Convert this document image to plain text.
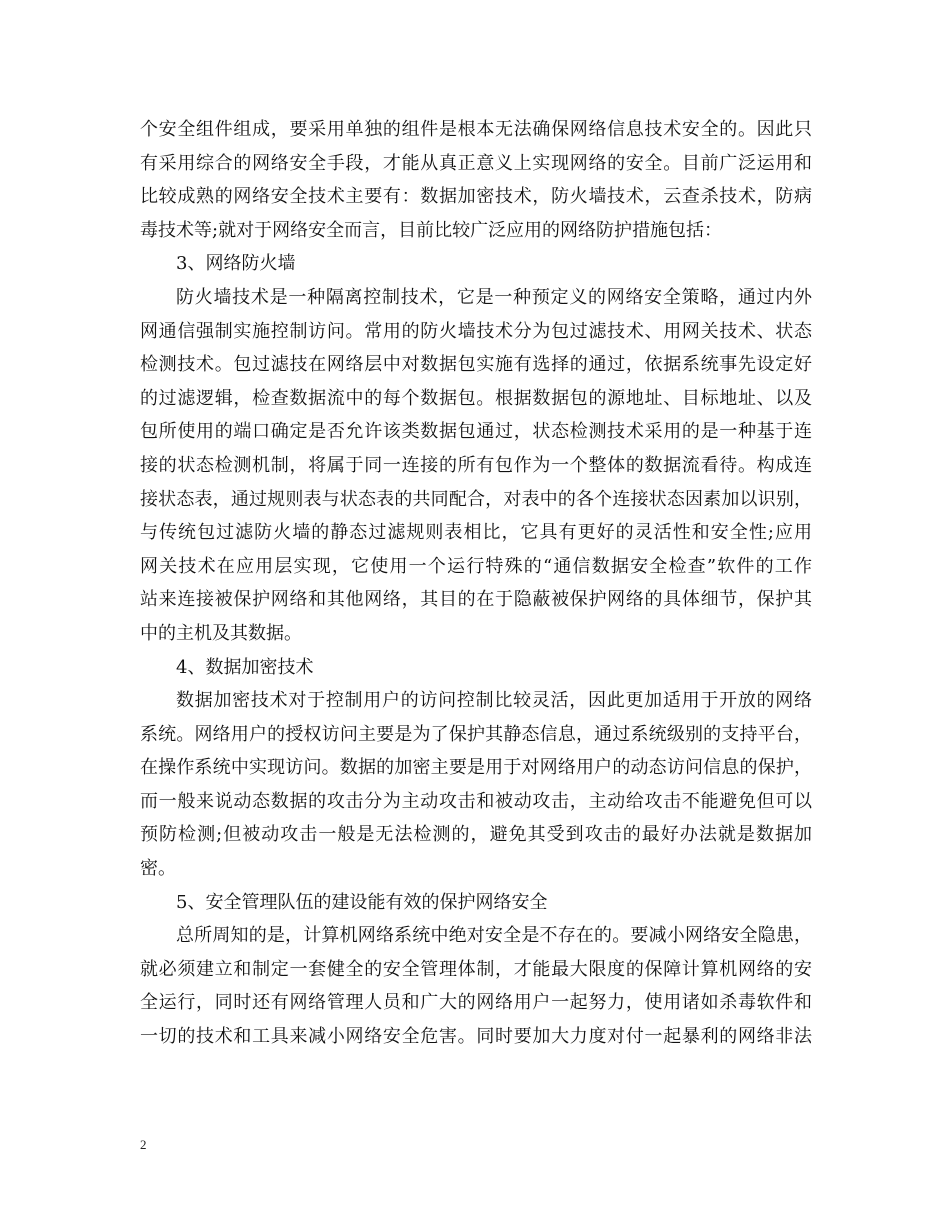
个安全组件组成，要采用单独的组件是根本无法确保网络信息技术安全的。因此只
有采用综合的网络安全手段，才能从真正意义上实现网络的安全。目前广泛运用和
比较成熟的网络安全技术主要有：数据加密技术，防火墙技术，云查杀技术，防病
毒技术等;就对于网络安全而言，目前比较广泛应用的网络防护措施包括：
3、网络防火墙
防火墙技术是一种隔离控制技术，它是一种预定义的网络安全策略，通过内外
网通信强制实施控制访问。常用的防火墙技术分为包过滤技术、用网关技术、状态
检测技术。包过滤技在网络层中对数据包实施有选择的通过，依据系统事先设定好
的过滤逻辑，检查数据流中的每个数据包。根据数据包的源地址、目标地址、以及
包所使用的端口确定是否允许该类数据包通过，状态检测技术采用的是一种基于连
接的状态检测机制，将属于同一连接的所有包作为一个整体的数据流看待。构成连
接状态表，通过规则表与状态表的共同配合，对表中的各个连接状态因素加以识别，
与传统包过滤防火墙的静态过滤规则表相比，它具有更好的灵活性和安全性;应用
网关技术在应用层实现，它使用一个运行特殊的“通信数据安全检查”软件的工作
站来连接被保护网络和其他网络，其目的在于隐蔽被保护网络的具体细节，保护其
中的主机及其数据。
4、数据加密技术
数据加密技术对于控制用户的访问控制比较灵活，因此更加适用于开放的网络
系统。网络用户的授权访问主要是为了保护其静态信息，通过系统级别的支持平台，
在操作系统中实现访问。数据的加密主要是用于对网络用户的动态访问信息的保护，
而一般来说动态数据的攻击分为主动攻击和被动攻击，主动给攻击不能避免但可以
预防检测;但被动攻击一般是无法检测的，避免其受到攻击的最好办法就是数据加
密。
5、安全管理队伍的建设能有效的保护网络安全
总所周知的是，计算机网络系统中绝对安全是不存在的。要减小网络安全隐患，
就必须建立和制定一套健全的安全管理体制，才能最大限度的保障计算机网络的安
全运行，同时还有网络管理人员和广大的网络用户一起努力，使用诸如杀毒软件和
一切的技术和工具来减小网络安全危害。同时要加大力度对付一起暴利的网络非法
2
